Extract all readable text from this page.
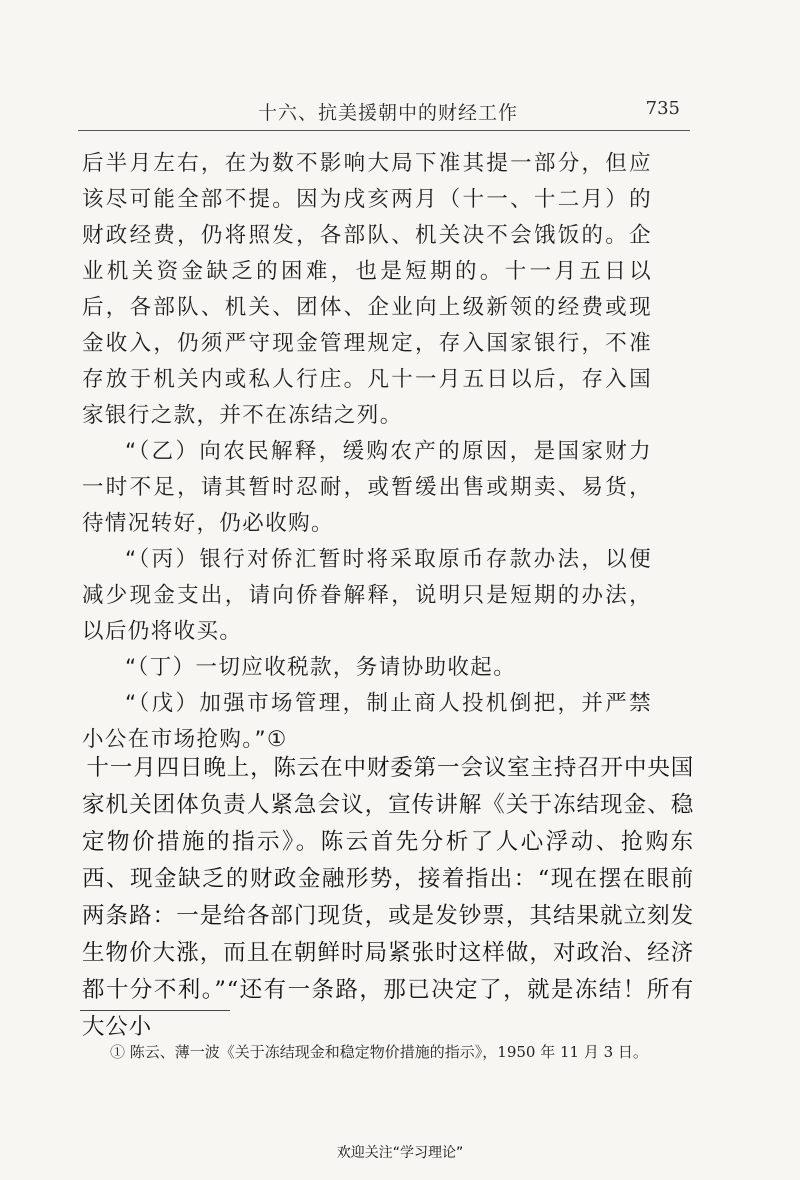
十六、抗美援朝中的财经工作	735

后半月左右，在为数不影响大局下准其提一部分，但应该尽可能全部不提。因为戌亥两月（十一、十二月）的财政经费，仍将照发，各部队、机关决不会饿饭的。企业机关资金缺乏的困难，也是短期的。十一月五日以后，各部队、机关、团体、企业向上级新领的经费或现金收入，仍须严守现金管理规定，存入国家银行，不准存放于机关内或私人行庄。凡十一月五日以后，存入国家银行之款，并不在冻结之列。

“（乙）向农民解释，缓购农产的原因，是国家财力一时不足，请其暂时忍耐，或暂缓出售或期卖、易货，待情况转好，仍必收购。

“（丙）银行对侨汇暂时将采取原币存款办法，以便减少现金支出，请向侨眷解释，说明只是短期的办法，以后仍将收买。

“（丁）一切应收税款，务请协助收起。

“（戊）加强市场管理，制止商人投机倒把，并严禁小公在市场抢购。”①

十一月四日晚上，陈云在中财委第一会议室主持召开中央国家机关团体负责人紧急会议，宣传讲解《关于冻结现金、稳定物价措施的指示》。陈云首先分析了人心浮动、抢购东西、现金缺乏的财政金融形势，接着指出：“现在摆在眼前两条路：一是给各部门现货，或是发钞票，其结果就立刻发生物价大涨，而且在朝鲜时局紧张时这样做，对政治、经济都十分不利。”“还有一条路，那已决定了，就是冻结！所有大公小

① 陈云、薄一波《关于冻结现金和稳定物价措施的指示》，1950 年 11 月 3 日。

欢迎关注“学习理论”
